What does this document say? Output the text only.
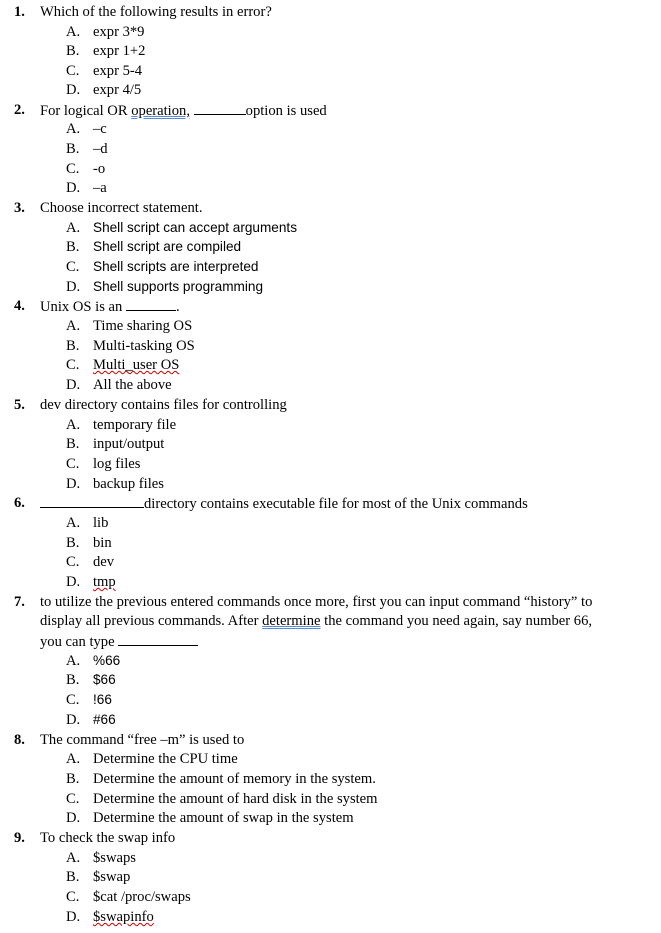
1. Which of the following results in error?
A. expr 3*9
B. expr 1+2
C. expr 5-4
D. expr 4/5
2. For logical OR operation,	option is used
A. –c
B. –d
C. -o
D. –a
3. Choose incorrect statement.
A. Shell script can accept arguments
B. Shell script are compiled
C. Shell scripts are interpreted
D. Shell supports programming
4. Unix OS is an	.
A. Time sharing OS
B. Multi-tasking OS
C. Multi_user OS
D. All the above
5. dev directory contains files for controlling
A. temporary file
B. input/output
C. log files
D. backup files
6.	directory contains executable file for most of the Unix commands
A. lib
B. bin
C. dev
D. tmp
7. to utilize the previous entered commands once more, first you can input command “history” to
display all previous commands. After determine the command you need again, say number 66,
you can type
A. %66
B. $66
C. !66
D. #66
8. The command “free –m” is used to
A. Determine the CPU time
B. Determine the amount of memory in the system.
C. Determine the amount of hard disk in the system
D. Determine the amount of swap in the system
9. To check the swap info
A. $swaps
B. $swap
C. $cat /proc/swaps
D. $swapinfo
